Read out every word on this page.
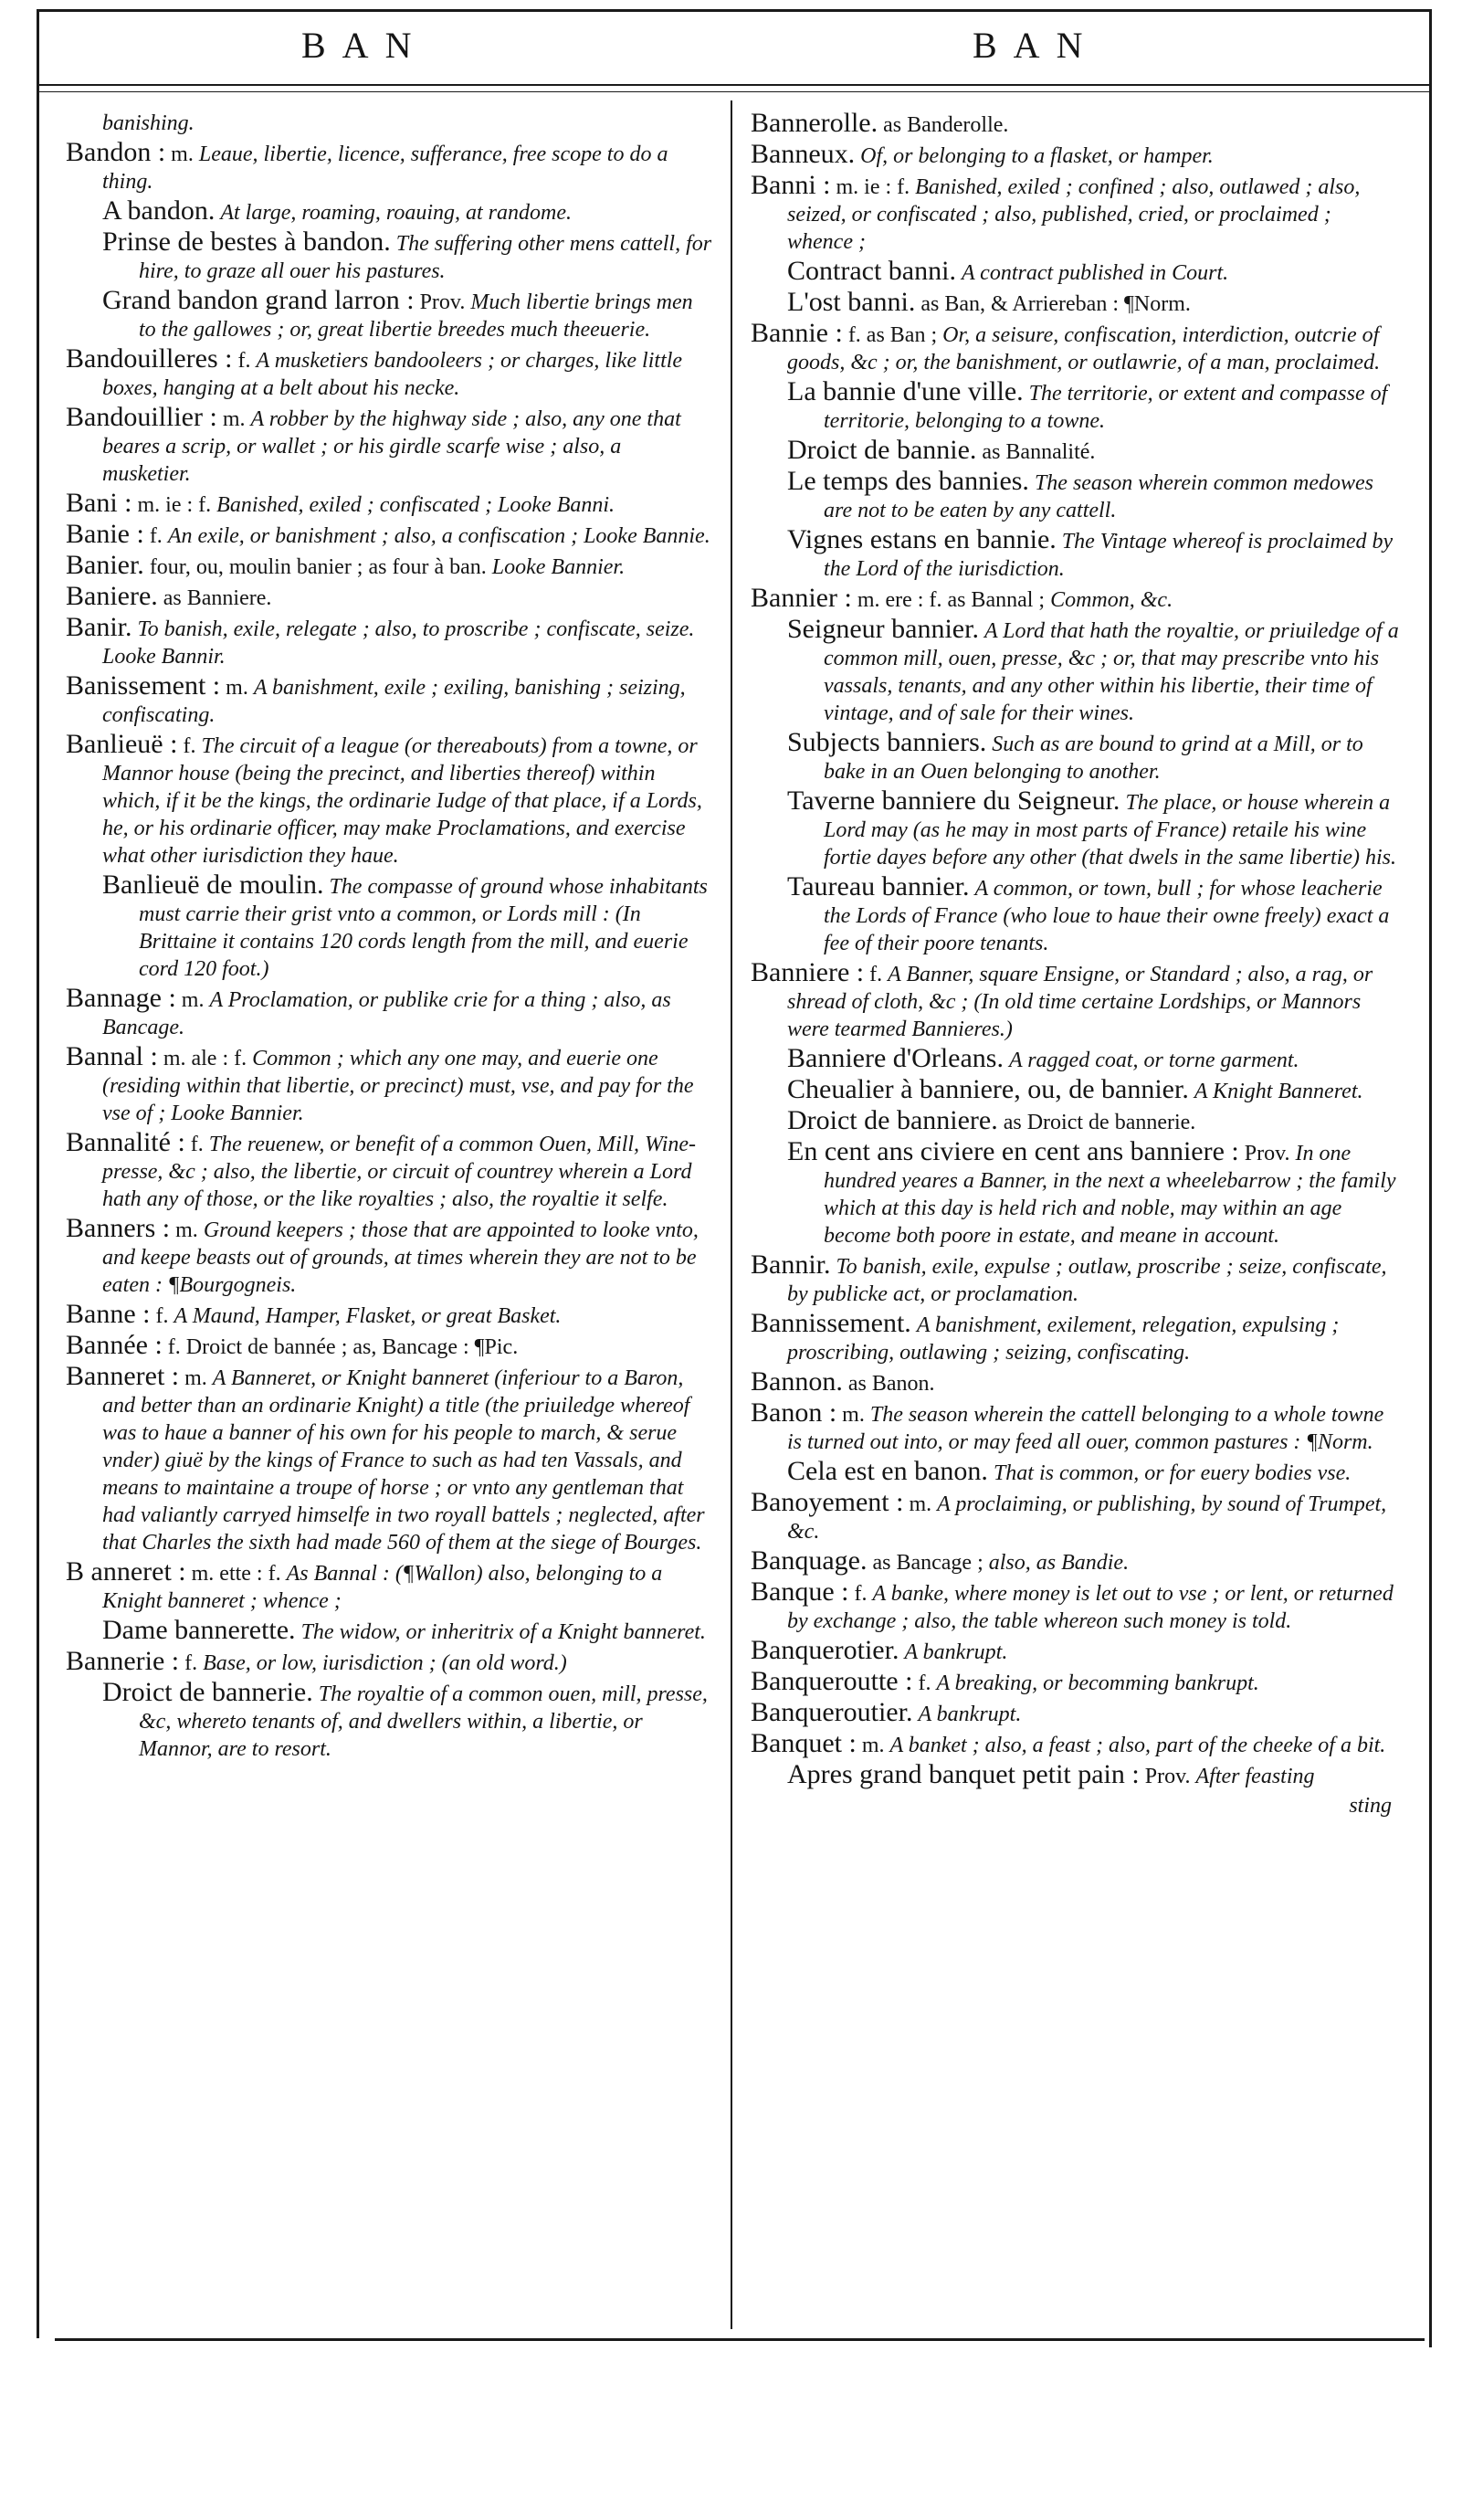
BAN	BAN
banishing.
Bandon : m. Leaue, libertie, licence, sufferance, free scope to do a thing.
A bandon. At large, roaming, roauing, at randome.
Prinse de bestes à bandon. The suffering other mens cattell, for hire, to graze all ouer his pastures.
Grand bandon grand larron : Prov. Much libertie brings men to the gallowes ; or, great libertie breedes much theeuerie.
Bandouilleres : f. A musketiers bandooleers ; or charges, like little boxes, hanging at a belt about his necke.
Bandouillier : m. A robber by the highway side ; also, any one that beares a scrip, or wallet ; or his girdle scarfe wise ; also, a musketier.
Bani : m. ie : f. Banished, exiled ; confiscated ; Looke Banni.
Banie : f. An exile, or banishment ; also, a confiscation ; Looke Bannie.
Banier. four, ou, moulin banier ; as four à ban. Looke Bannier.
Baniere. as Banniere.
Banir. To banish, exile, relegate ; also, to proscribe ; confiscate, seize. Looke Bannir.
Banissement : m. A banishment, exile ; exiling, banishing ; seizing, confiscating.
Banlieuë : f. The circuit of a league (or thereabouts) from a towne, or Mannor house (being the precinct, and liberties thereof) within which, if it be the kings, the ordinarie Iudge of that place, if a Lords, he, or his ordinarie officer, may make Proclamations, and exercise what other iurisdiction they haue.
Banlieuë de moulin. The compasse of ground whose inhabitants must carrie their grist vnto a common, or Lords mill : (In Brittaine it contains 120 cords length from the mill, and euerie cord 120 foot.)
Bannage : m. A Proclamation, or publike crie for a thing ; also, as Bancage.
Bannal : m. ale : f. Common ; which any one may, and euerie one (residing within that libertie, or precinct) must, vse, and pay for the vse of ; Looke Bannier.
Bannalité : f. The reuenew, or benefit of a common Ouen, Mill, Wine-presse, &c ; also, the libertie, or circuit of countrey wherein a Lord hath any of those, or the like royalties ; also, the royaltie it selfe.
Banners : m. Ground keepers ; those that are appointed to looke vnto, and keepe beasts out of grounds, at times wherein they are not to be eaten : ¶Bourgogneis.
Banne : f. A Maund, Hamper, Flasket, or great Basket.
Bannée : f. Droict de bannée ; as, Bancage : ¶Pic.
Banneret : m. A Banneret, or Knight banneret (inferiour to a Baron, and better than an ordinarie Knight) a title (the priuiledge whereof was to haue a banner of his own for his people to march, & serue vnder) giuë by the kings of France to such as had ten Vassals, and means to maintaine a troupe of horse ; or vnto any gentleman that had valiantly carryed himselfe in two royall battels ; neglected, after that Charles the sixth had made 560 of them at the siege of Bourges.
B anneret : m. ette : f. As Bannal : (¶Wallon) also, belonging to a Knight banneret ; whence ;
Dame bannerette. The widow, or inheritrix of a Knight banneret.
Bannerie : f. Base, or low, iurisdiction ; (an old word.)
Droict de bannerie. The royaltie of a common ouen, mill, presse, &c, whereto tenants of, and dwellers within, a libertie, or Mannor, are to resort.
Bannerolle. as Banderolle.
Banneux. Of, or belonging to a flasket, or hamper.
Banni : m. ie : f. Banished, exiled ; confined ; also, outlawed ; also, seized, or confiscated ; also, published, cried, or proclaimed ; whence ;
Contract banni. A contract published in Court.
L'ost banni. as Ban, & Arriereban : ¶Norm.
Bannie : f. as Ban ; Or, a seisure, confiscation, interdiction, outcrie of goods, &c ; or, the banishment, or outlawrie, of a man, proclaimed.
La bannie d'une ville. The territorie, or extent and compasse of territorie, belonging to a towne.
Droict de bannie. as Bannalité.
Le temps des bannies. The season wherein common medowes are not to be eaten by any cattell.
Vignes estans en bannie. The Vintage whereof is proclaimed by the Lord of the iurisdiction.
Bannier : m. ere : f. as Bannal ; Common, &c.
Seigneur bannier. A Lord that hath the royaltie, or priuiledge of a common mill, ouen, presse, &c ; or, that may prescribe vnto his vassals, tenants, and any other within his libertie, their time of vintage, and of sale for their wines.
Subjects banniers. Such as are bound to grind at a Mill, or to bake in an Ouen belonging to another.
Taverne banniere du Seigneur. The place, or house wherein a Lord may (as he may in most parts of France) retaile his wine fortie dayes before any other (that dwels in the same libertie) his.
Taureau bannier. A common, or town, bull ; for whose leacherie the Lords of France (who loue to haue their owne freely) exact a fee of their poore tenants.
Banniere : f. A Banner, square Ensigne, or Standard ; also, a rag, or shread of cloth, &c ; (In old time certaine Lordships, or Mannors were tearmed Bannieres.)
Banniere d'Orleans. A ragged coat, or torne garment.
Cheualier à banniere, ou, de bannier. A Knight Banneret.
Droict de banniere. as Droict de bannerie.
En cent ans civiere en cent ans banniere : Prov. In one hundred yeares a Banner, in the next a wheelebarrow ; the family which at this day is held rich and noble, may within an age become both poore in estate, and meane in account.
Bannir. To banish, exile, expulse ; outlaw, proscribe ; seize, confiscate, by publicke act, or proclamation.
Bannissement. A banishment, exilement, relegation, expulsing ; proscribing, outlawing ; seizing, confiscating.
Bannon. as Banon.
Banon : m. The season wherein the cattell belonging to a whole towne is turned out into, or may feed all ouer, common pastures : ¶Norm.
Cela est en banon. That is common, or for euery bodies vse.
Banoyement : m. A proclaiming, or publishing, by sound of Trumpet, &c.
Banquage. as Bancage ; also, as Bandie.
Banque : f. A banke, where money is let out to vse ; or lent, or returned by exchange ; also, the table whereon such money is told.
Banquerotier. A bankrupt.
Banqueroutte : f. A breaking, or becomming bankrupt.
Banqueroutier. A bankrupt.
Banquet : m. A banket ; also, a feast ; also, part of the cheeke of a bit.
Apres grand banquet petit pain : Prov. After feasting
sting
